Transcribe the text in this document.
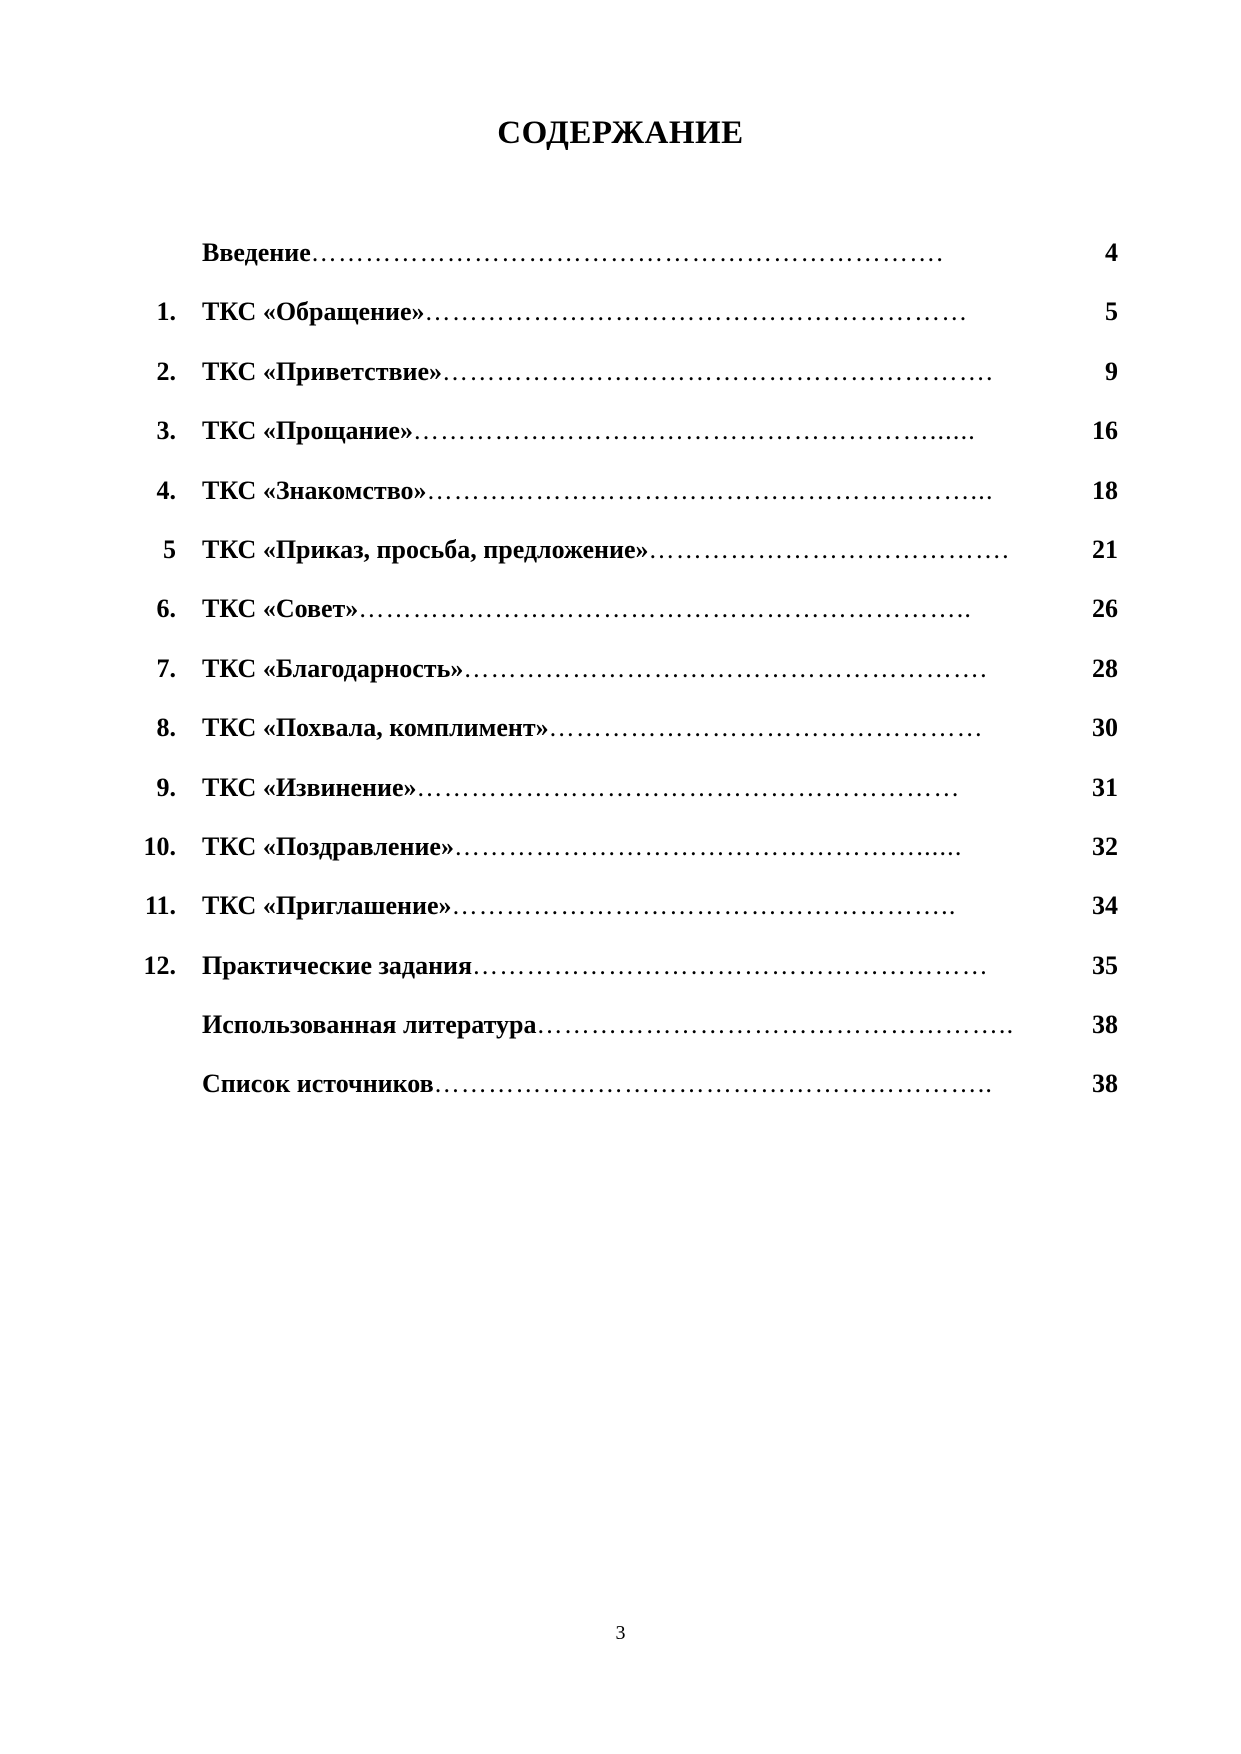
СОДЕРЖАНИЕ
Введение…………………………………………………………….	4
1. ТКС «Обращение»……………………………………………………	5
2. ТКС «Приветствие»…………………………………………………….	9
3. ТКС «Прощание»…………………………………………………......	16
4. ТКС «Знакомство»……………………………………………………...	18
5 ТКС «Приказ, просьба, предложение»………………………………….	21
6. ТКС «Совет»…………………………………………………………..	26
7. ТКС «Благодарность»………………………………………………….	28
8. ТКС «Похвала, комплимент»…………………………………………	30
9. ТКС «Извинение»……………………………………………………	31
10. ТКС «Поздравление»……………………………………………......	32
11. ТКС «Приглашение»………………………………………………..	34
12. Практические задания…………………………………………………	35
Использованная литература……………………………………………..	38
Список источников……………………………………………………..	38
3
